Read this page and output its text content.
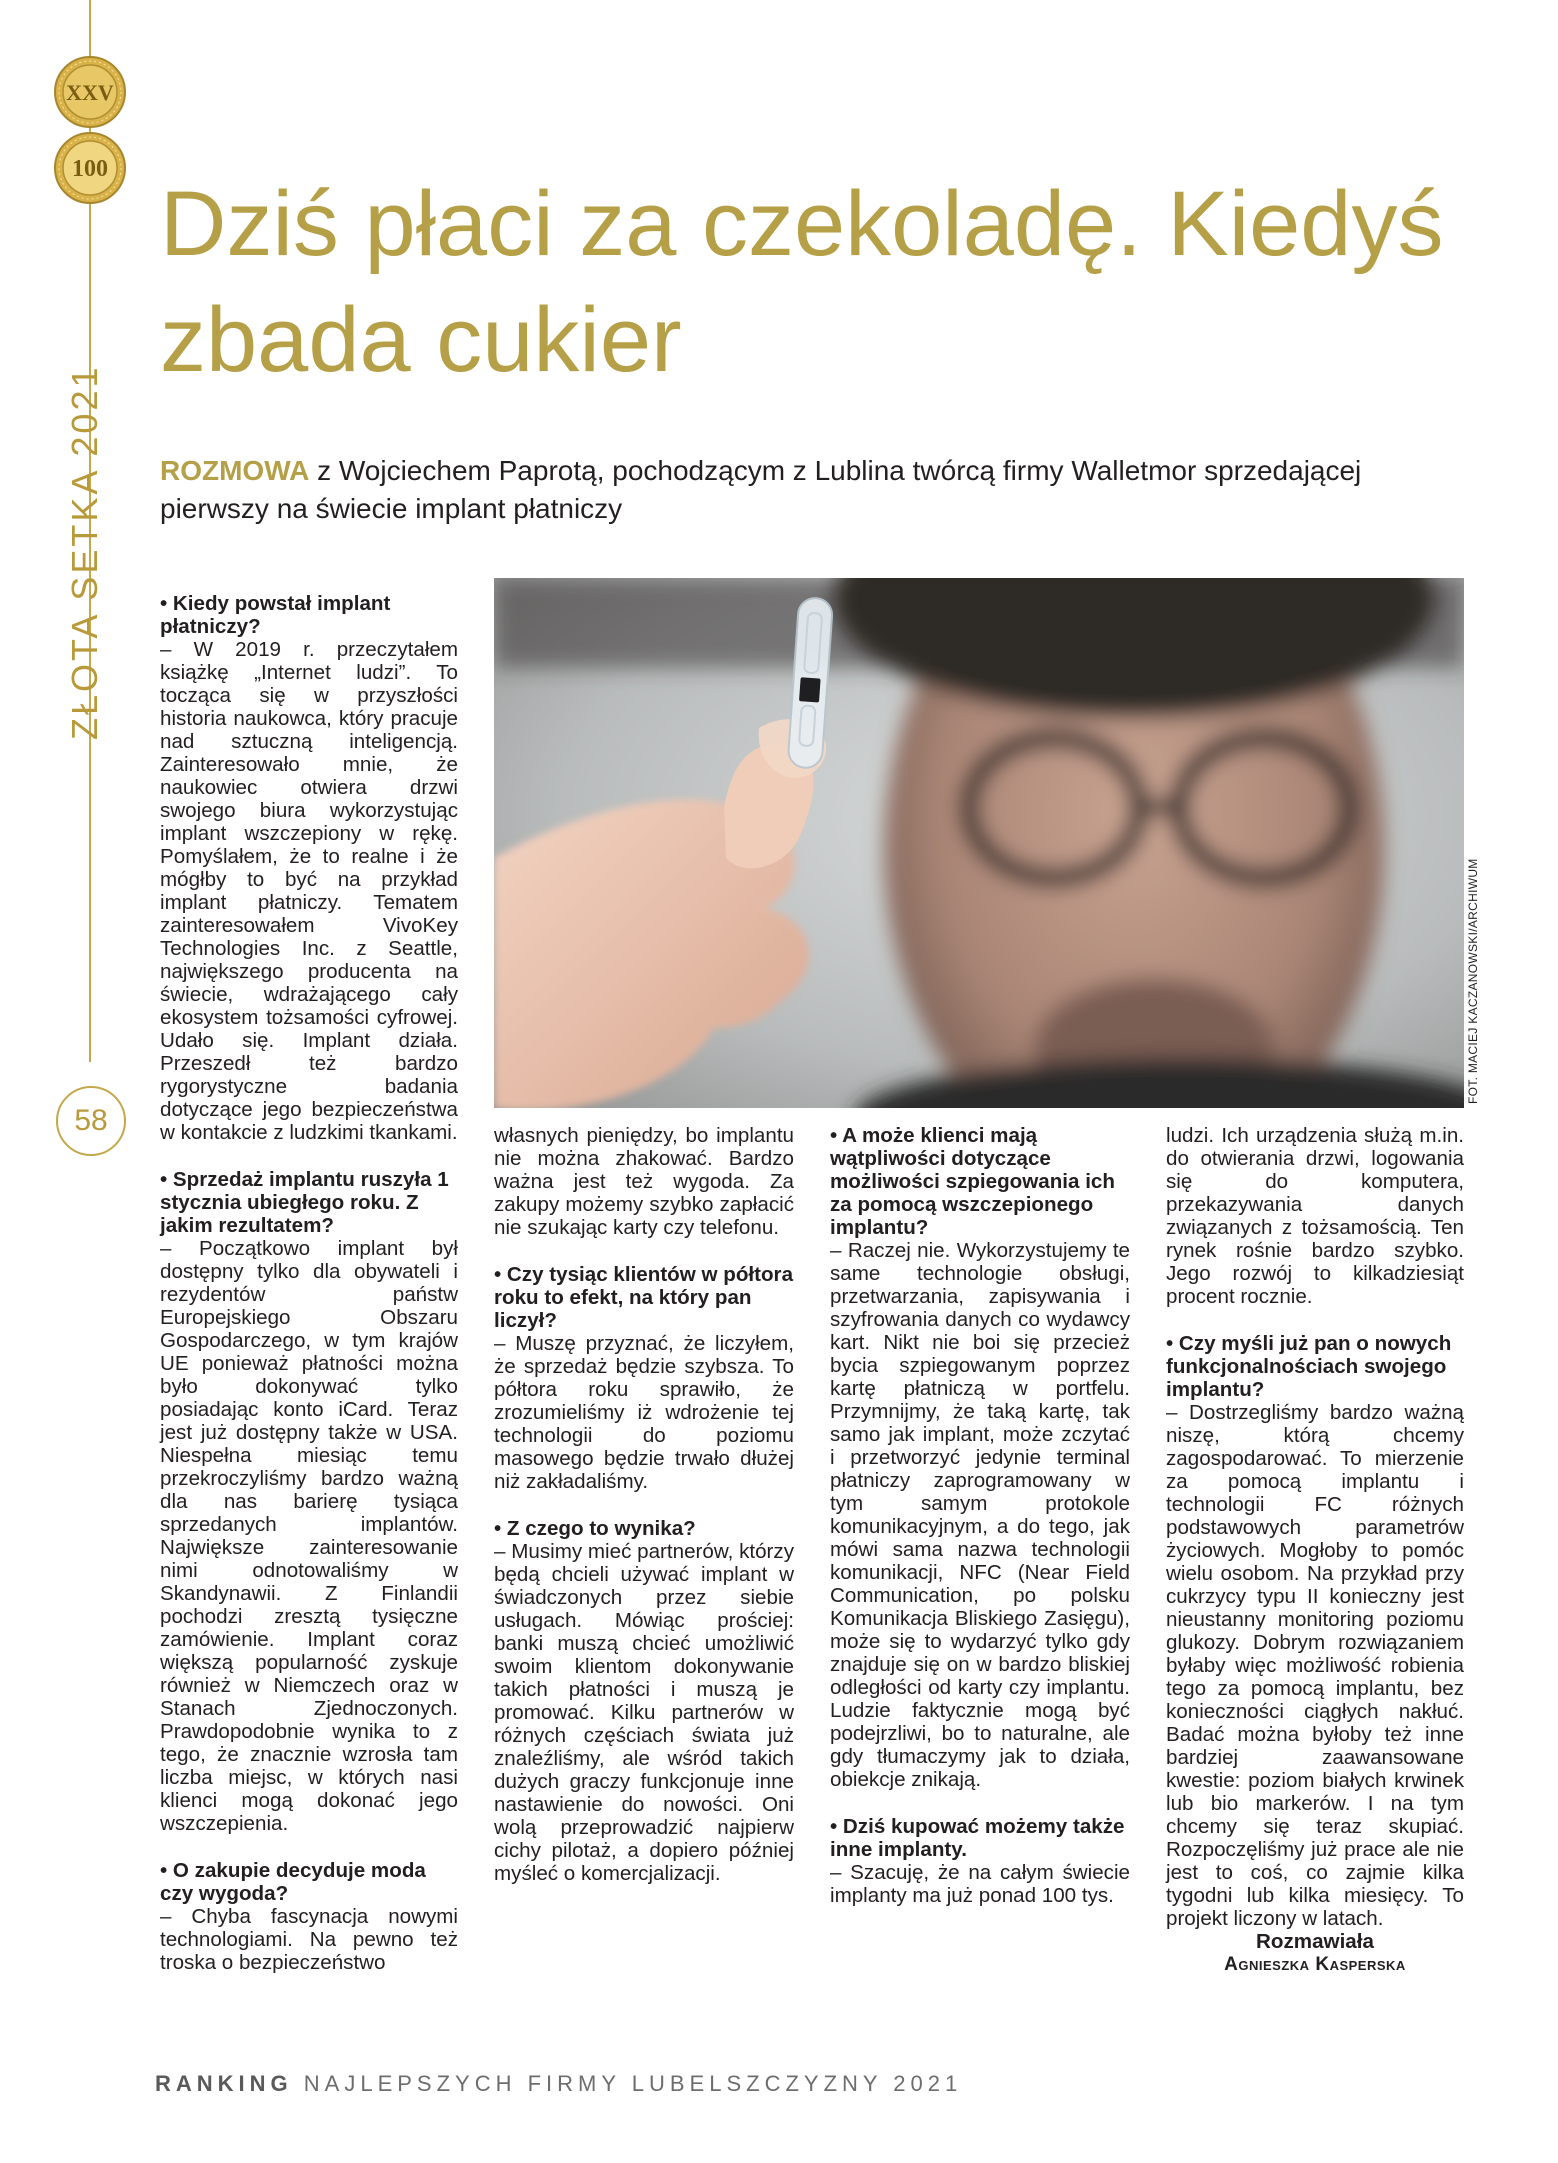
XXV
100
ZŁOTA SETKA 2021
58
Dziś płaci za czekoladę. Kiedyś zbada cukier

ROZMOWA z Wojciechem Paprotą, pochodzącym z Lublina twórcą firmy Walletmor sprzedającej pierwszy na świecie implant płatniczy

FOT. MACIEJ KACZANOWSKI/ARCHIWUM

• Kiedy powstał implant płatniczy?

– W 2019 r. przeczytałem książkę „Internet ludzi”. To tocząca się w przyszłości historia naukowca, który pracuje nad sztuczną inteligencją. Zainteresowało mnie, że naukowiec otwiera drzwi swojego biura wykorzystując implant wszczepiony w rękę. Pomyślałem, że to realne i że mógłby to być na przykład implant płatniczy. Tematem zainteresowałem VivoKey Technologies Inc. z Seattle, największego producenta na świecie, wdrażającego cały ekosystem tożsamości cyfrowej. Udało się. Implant działa. Przeszedł też bardzo rygorystyczne badania dotyczące jego bezpieczeństwa w kontakcie z ludzkimi tkankami.

• Sprzedaż implantu ruszyła 1 stycznia ubiegłego roku. Z jakim rezultatem?

– Początkowo implant był dostępny tylko dla obywateli i rezydentów państw Europejskiego Obszaru Gospodarczego, w tym krajów UE ponieważ płatności można było dokonywać tylko posiadając konto iCard. Teraz jest już dostępny także w USA. Niespełna miesiąc temu przekroczyliśmy bardzo ważną dla nas barierę tysiąca sprzedanych implantów. Największe zainteresowanie nimi odnotowaliśmy w Skandynawii. Z Finlandii pochodzi zresztą tysięczne zamówienie. Implant coraz większą popularność zyskuje również w Niemczech oraz w Stanach Zjednoczonych. Prawdopodobnie wynika to z tego, że znacznie wzrosła tam liczba miejsc, w których nasi klienci mogą dokonać jego wszczepienia.

• O zakupie decyduje moda czy wygoda?

– Chyba fascynacja nowymi technologiami. Na pewno też troska o bezpieczeństwo

własnych pieniędzy, bo implantu nie można zhakować. Bardzo ważna jest też wygoda. Za zakupy możemy szybko zapłacić nie szukając karty czy telefonu.

• Czy tysiąc klientów w półtora roku to efekt, na który pan liczył?

– Muszę przyznać, że liczyłem, że sprzedaż będzie szybsza. To półtora roku sprawiło, że zrozumieliśmy iż wdrożenie tej technologii do poziomu masowego będzie trwało dłużej niż zakładaliśmy.

• Z czego to wynika?

– Musimy mieć partnerów, którzy będą chcieli używać implant w świadczonych przez siebie usługach. Mówiąc prościej: banki muszą chcieć umożliwić swoim klientom dokonywanie takich płatności i muszą je promować. Kilku partnerów w różnych częściach świata już znaleźliśmy, ale wśród takich dużych graczy funkcjonuje inne nastawienie do nowości. Oni wolą przeprowadzić najpierw cichy pilotaż, a dopiero później myśleć o komercjalizacji.

• A może klienci mają wątpliwości dotyczące możliwości szpiegowania ich za pomocą wszczepionego implantu?

– Raczej nie. Wykorzystujemy te same technologie obsługi, przetwarzania, zapisywania i szyfrowania danych co wydawcy kart. Nikt nie boi się przecież bycia szpiegowanym poprzez kartę płatniczą w portfelu. Przymnijmy, że taką kartę, tak samo jak implant, może zczytać i przetworzyć jedynie terminal płatniczy zaprogramowany w tym samym protokole komunikacyjnym, a do tego, jak mówi sama nazwa technologii komunikacji, NFC (Near Field Communication, po polsku Komunikacja Bliskiego Zasięgu), może się to wydarzyć tylko gdy znajduje się on w bardzo bliskiej odległości od karty czy implantu. Ludzie faktycznie mogą być podejrzliwi, bo to naturalne, ale gdy tłumaczymy jak to działa, obiekcje znikają.

• Dziś kupować możemy także inne implanty.

– Szacuję, że na całym świecie implanty ma już ponad 100 tys.

ludzi. Ich urządzenia służą m.in. do otwierania drzwi, logowania się do komputera, przekazywania danych związanych z tożsamością. Ten rynek rośnie bardzo szybko. Jego rozwój to kilkadziesiąt procent rocznie.

• Czy myśli już pan o nowych funkcjonalnościach swojego implantu?

– Dostrzegliśmy bardzo ważną niszę, którą chcemy zagospodarować. To mierzenie za pomocą implantu i technologii FC różnych podstawowych parametrów życiowych. Mogłoby to pomóc wielu osobom. Na przykład przy cukrzycy typu II konieczny jest nieustanny monitoring poziomu glukozy. Dobrym rozwiązaniem byłaby więc możliwość robienia tego za pomocą implantu, bez konieczności ciągłych nakłuć. Badać można byłoby też inne bardziej zaawansowane kwestie: poziom białych krwinek lub bio markerów. I na tym chcemy się teraz skupiać. Rozpoczęliśmy już prace ale nie jest to coś, co zajmie kilka tygodni lub kilka miesięcy. To projekt liczony w latach.

Rozmawiała

Agnieszka Kasperska

RANKING NAJLEPSZYCH FIRMY LUBELSZCZYZNY 2021
